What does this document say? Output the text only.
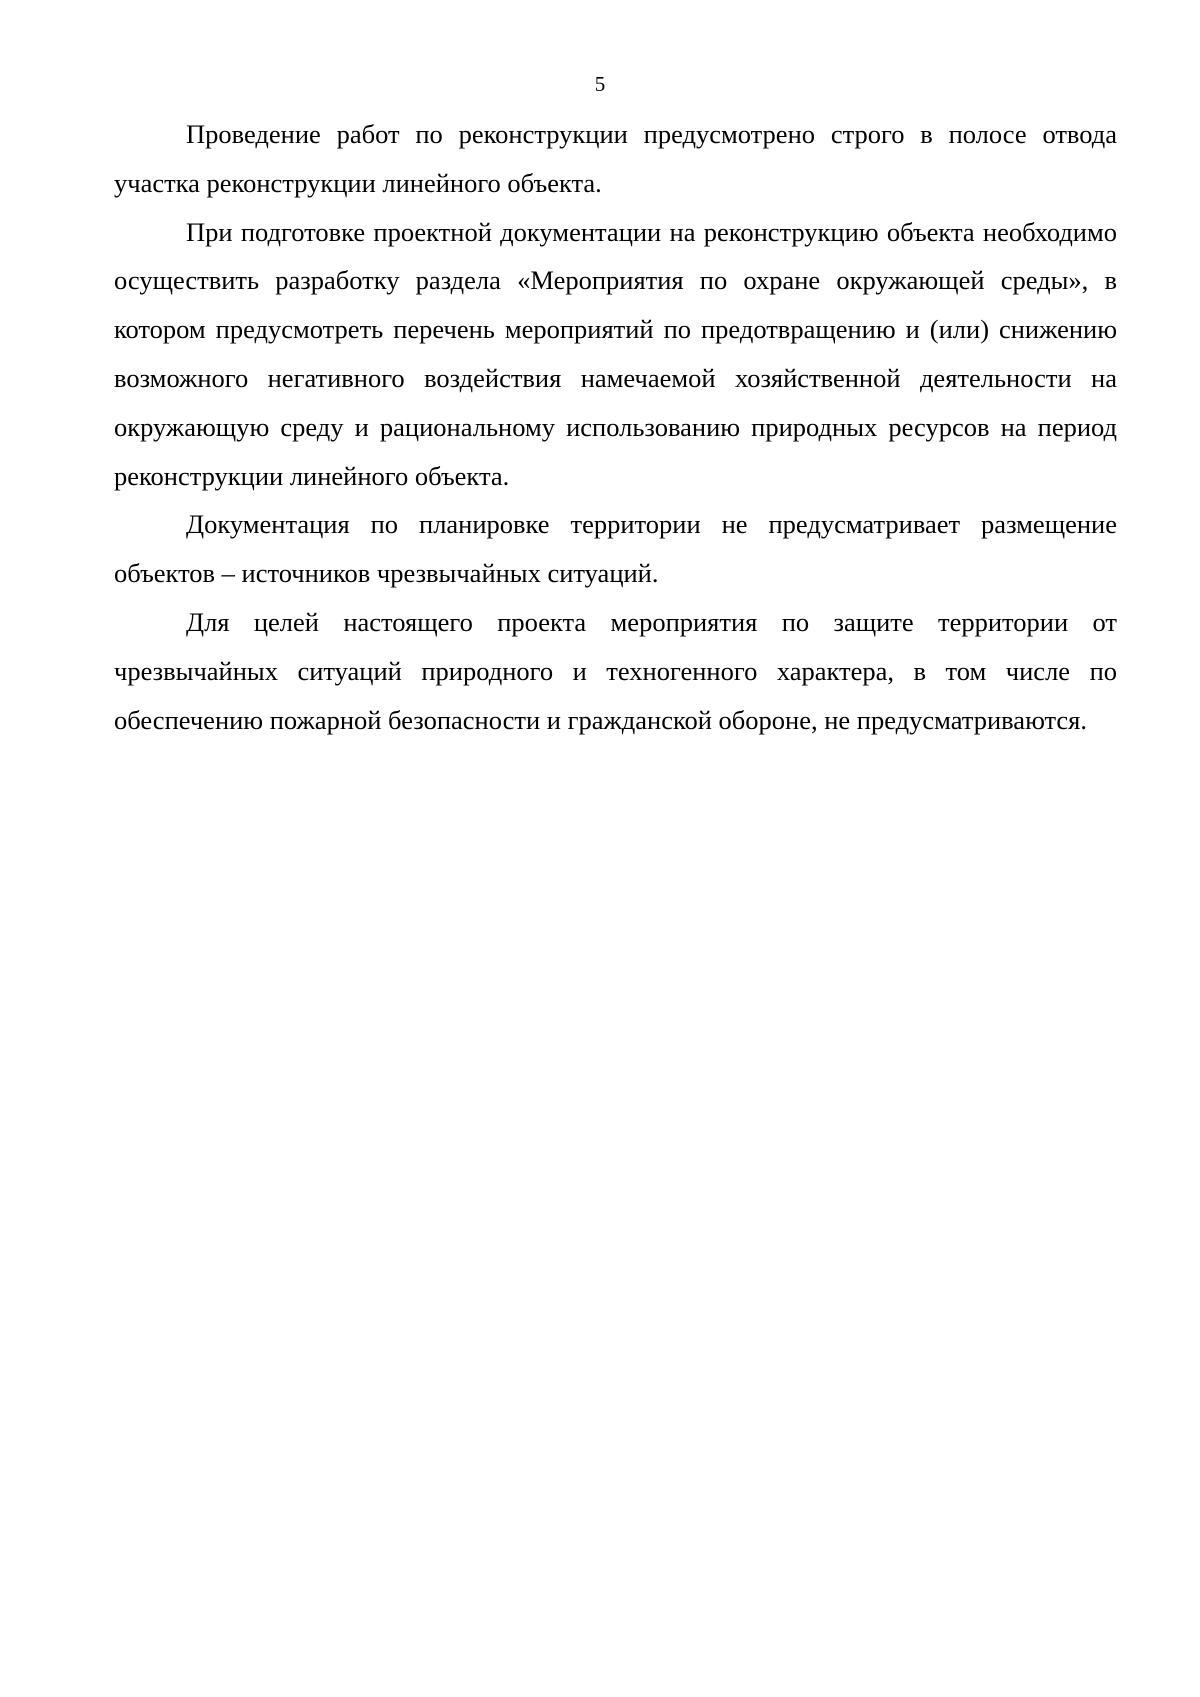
5

Проведение работ по реконструкции предусмотрено строго в полосе отвода участка реконструкции линейного объекта.

При подготовке проектной документации на реконструкцию объекта необходимо осуществить разработку раздела «Мероприятия по охране окружающей среды», в котором предусмотреть перечень мероприятий по предотвращению и (или) снижению возможного негативного воздействия намечаемой хозяйственной деятельности на окружающую среду и рациональному использованию природных ресурсов на период реконструкции линейного объекта.

Документация по планировке территории не предусматривает размещение объектов – источников чрезвычайных ситуаций.

Для целей настоящего проекта мероприятия по защите территории от чрезвычайных ситуаций природного и техногенного характера, в том числе по обеспечению пожарной безопасности и гражданской обороне, не предусматриваются.
